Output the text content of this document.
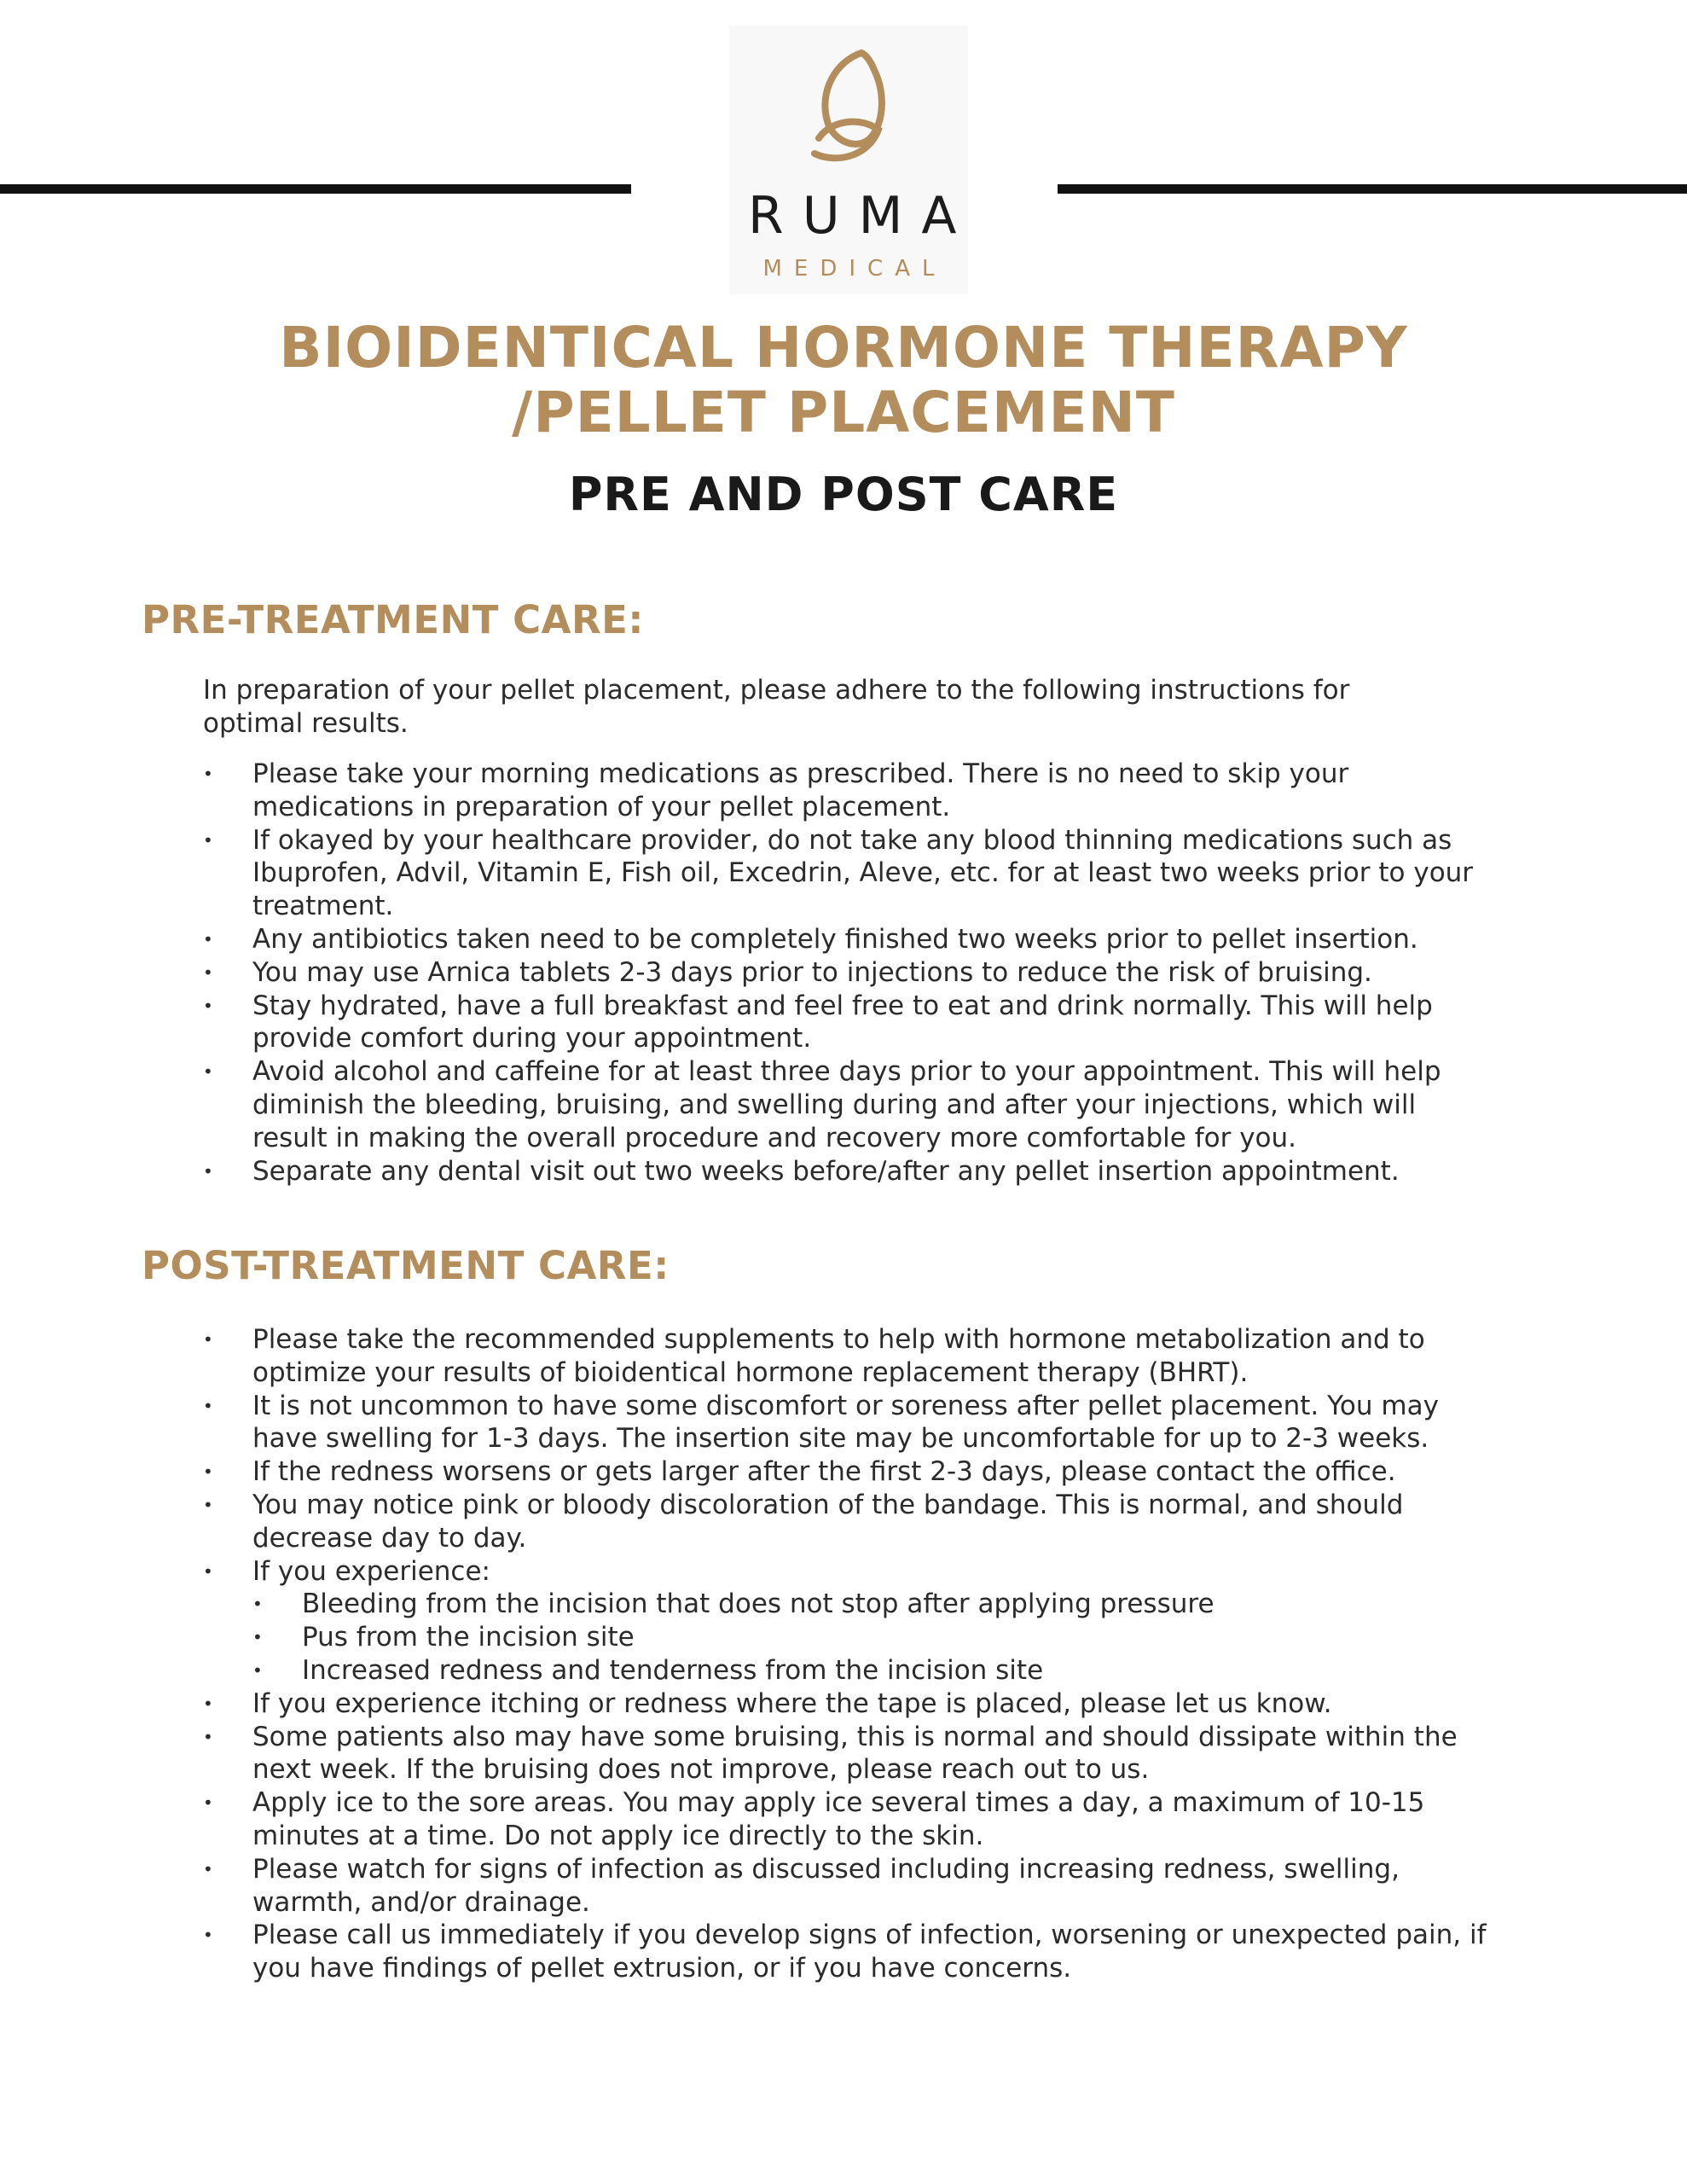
RUMA
MEDICAL
BIOIDENTICAL HORMONE THERAPY
/PELLET PLACEMENT
PRE AND POST CARE
PRE-TREATMENT CARE:
In preparation of your pellet placement, please adhere to the following instructions for optimal results.
• Please take your morning medications as prescribed. There is no need to skip your medications in preparation of your pellet placement.
• If okayed by your healthcare provider, do not take any blood thinning medications such as Ibuprofen, Advil, Vitamin E, Fish oil, Excedrin, Aleve, etc. for at least two weeks prior to your treatment.
• Any antibiotics taken need to be completely finished two weeks prior to pellet insertion.
• You may use Arnica tablets 2-3 days prior to injections to reduce the risk of bruising.
• Stay hydrated, have a full breakfast and feel free to eat and drink normally. This will help provide comfort during your appointment.
• Avoid alcohol and caffeine for at least three days prior to your appointment. This will help diminish the bleeding, bruising, and swelling during and after your injections, which will result in making the overall procedure and recovery more comfortable for you.
• Separate any dental visit out two weeks before/after any pellet insertion appointment.
POST-TREATMENT CARE:
• Please take the recommended supplements to help with hormone metabolization and to optimize your results of bioidentical hormone replacement therapy (BHRT).
• It is not uncommon to have some discomfort or soreness after pellet placement. You may have swelling for 1-3 days. The insertion site may be uncomfortable for up to 2-3 weeks.
• If the redness worsens or gets larger after the first 2-3 days, please contact the office.
• You may notice pink or bloody discoloration of the bandage. This is normal, and should decrease day to day.
• If you experience:
• Bleeding from the incision that does not stop after applying pressure
• Pus from the incision site
• Increased redness and tenderness from the incision site
• If you experience itching or redness where the tape is placed, please let us know.
• Some patients also may have some bruising, this is normal and should dissipate within the next week. If the bruising does not improve, please reach out to us.
• Apply ice to the sore areas. You may apply ice several times a day, a maximum of 10-15 minutes at a time. Do not apply ice directly to the skin.
• Please watch for signs of infection as discussed including increasing redness, swelling, warmth, and/or drainage.
• Please call us immediately if you develop signs of infection, worsening or unexpected pain, if you have findings of pellet extrusion, or if you have concerns.
